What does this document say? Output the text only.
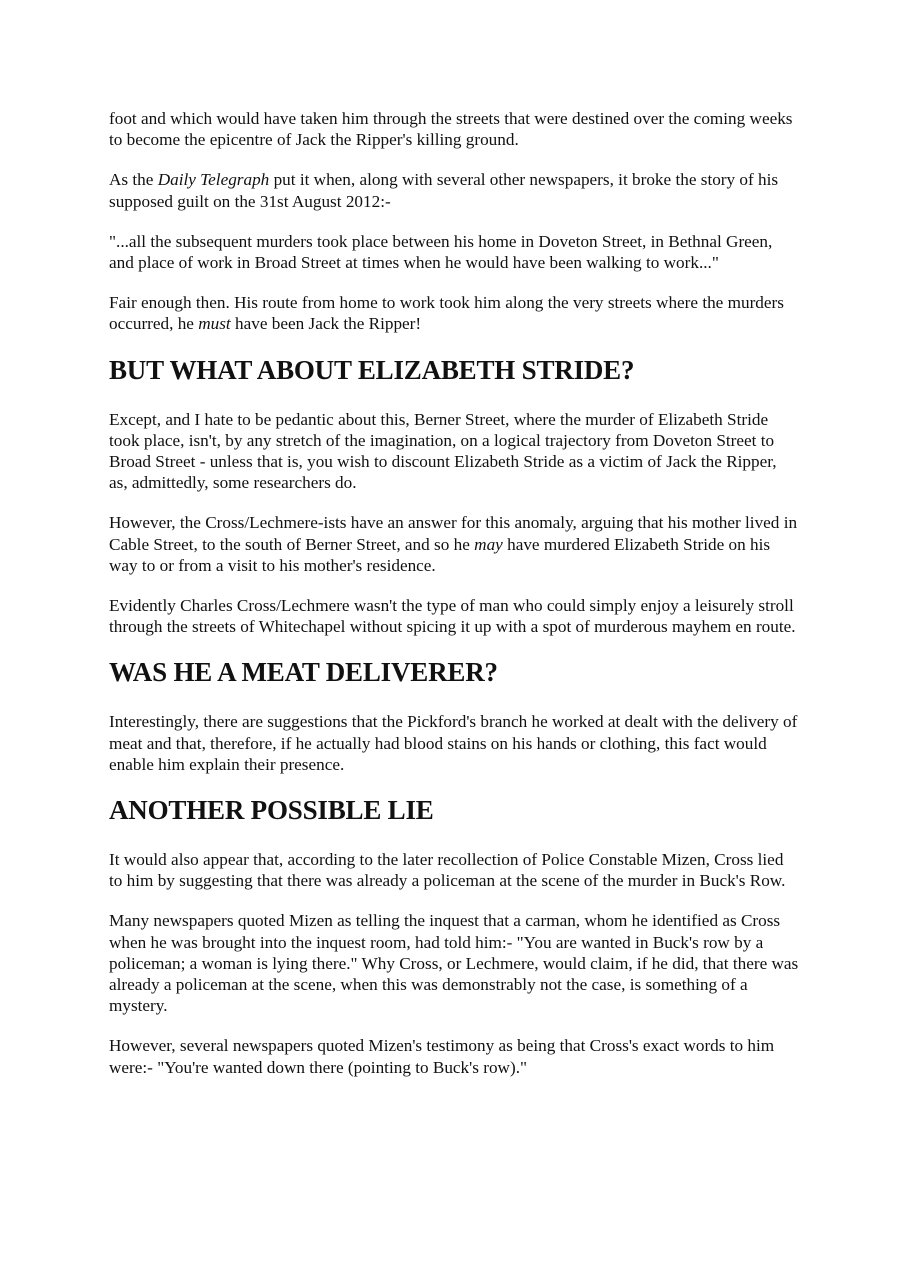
foot and which would have taken him through the streets that were destined over the coming weeks to become the epicentre of Jack the Ripper's killing ground.

As the Daily Telegraph put it when, along with several other newspapers, it broke the story of his supposed guilt on the 31st August 2012:-

"...all the subsequent murders took place between his home in Doveton Street, in Bethnal Green, and place of work in Broad Street at times when he would have been walking to work..."

Fair enough then. His route from home to work took him along the very streets where the murders occurred, he must have been Jack the Ripper!

BUT WHAT ABOUT ELIZABETH STRIDE?

Except, and I hate to be pedantic about this, Berner Street, where the murder of Elizabeth Stride took place, isn't, by any stretch of the imagination, on a logical trajectory from Doveton Street to Broad Street - unless that is, you wish to discount Elizabeth Stride as a victim of Jack the Ripper, as, admittedly, some researchers do.

However, the Cross/Lechmere-ists have an answer for this anomaly, arguing that his mother lived in Cable Street, to the south of Berner Street, and so he may have murdered Elizabeth Stride on his way to or from a visit to his mother's residence.

Evidently Charles Cross/Lechmere wasn't the type of man who could simply enjoy a leisurely stroll through the streets of Whitechapel without spicing it up with a spot of murderous mayhem en route.

WAS HE A MEAT DELIVERER?

Interestingly, there are suggestions that the Pickford's branch he worked at dealt with the delivery of meat and that, therefore, if he actually had blood stains on his hands or clothing, this fact would enable him explain their presence.

ANOTHER POSSIBLE LIE

It would also appear that, according to the later recollection of Police Constable Mizen, Cross lied to him by suggesting that there was already a policeman at the scene of the murder in Buck's Row.

Many newspapers quoted Mizen as telling the inquest that a carman, whom he identified as Cross when he was brought into the inquest room, had told him:- "You are wanted in Buck's row by a policeman; a woman is lying there." Why Cross, or Lechmere, would claim, if he did, that there was already a policeman at the scene, when this was demonstrably not the case, is something of a mystery.

However, several newspapers quoted Mizen's testimony as being that Cross's exact words to him were:- "You're wanted down there (pointing to Buck's row)."
